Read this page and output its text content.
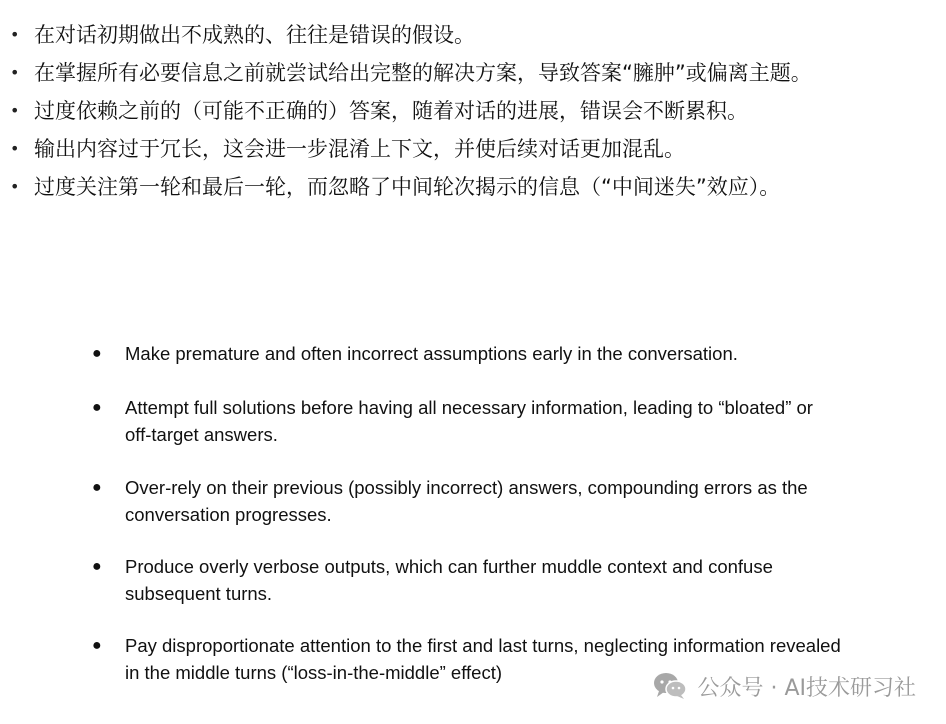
• 在对话初期做出不成熟的、往往是错误的假设。
• 在掌握所有必要信息之前就尝试给出完整的解决方案，导致答案“臃肿”或偏离主题。
• 过度依赖之前的（可能不正确的）答案，随着对话的进展，错误会不断累积。
• 输出内容过于冗长，这会进一步混淆上下文，并使后续对话更加混乱。
• 过度关注第一轮和最后一轮，而忽略了中间轮次揭示的信息（“中间迷失”效应）。
● Make premature and often incorrect assumptions early in the conversation.
● Attempt full solutions before having all necessary information, leading to “bloated” or
off-target answers.
● Over-rely on their previous (possibly incorrect) answers, compounding errors as the
conversation progresses.
● Produce overly verbose outputs, which can further muddle context and confuse
subsequent turns.
● Pay disproportionate attention to the first and last turns, neglecting information revealed
in the middle turns (“loss-in-the-middle” effect)
公众号 · AI技术研习社
